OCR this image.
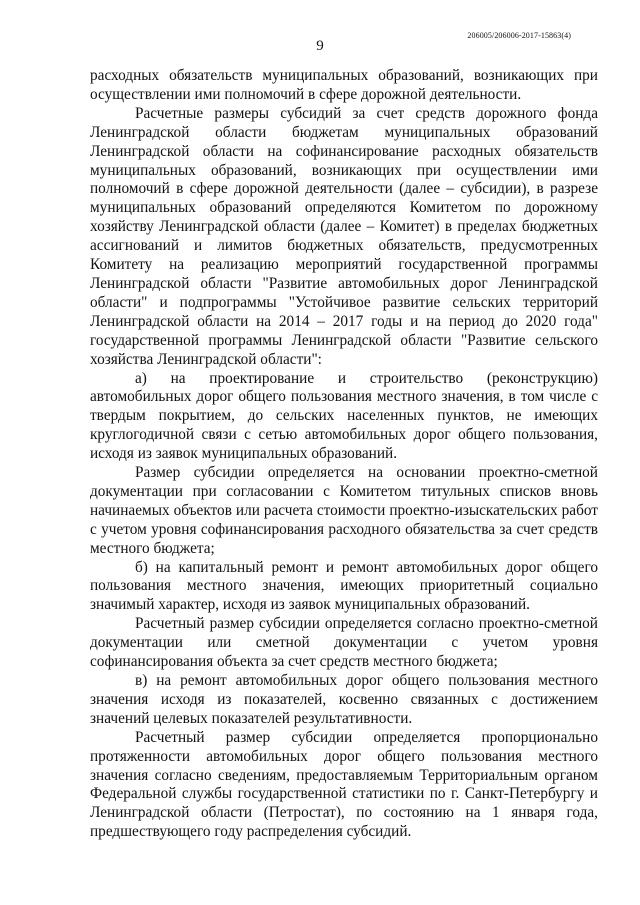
206005/206006-2017-15863(4)
9

расходных обязательств муниципальных образований, возникающих при осуществлении ими полномочий в сфере дорожной деятельности.

Расчетные размеры субсидий за счет средств дорожного фонда Ленинградской области бюджетам муниципальных образований Ленинградской области на софинансирование расходных обязательств муниципальных образований, возникающих при осуществлении ими полномочий в сфере дорожной деятельности (далее – субсидии), в разрезе муниципальных образований определяются Комитетом по дорожному хозяйству Ленинградской области (далее – Комитет) в пределах бюджетных ассигнований и лимитов бюджетных обязательств, предусмотренных Комитету на реализацию мероприятий государственной программы Ленинградской области "Развитие автомобильных дорог Ленинградской области" и подпрограммы "Устойчивое развитие сельских территорий Ленинградской области на 2014 – 2017 годы и на период до 2020 года" государственной программы Ленинградской области "Развитие сельского хозяйства Ленинградской области":

а) на проектирование и строительство (реконструкцию) автомобильных дорог общего пользования местного значения, в том числе с твердым покрытием, до сельских населенных пунктов, не имеющих круглогодичной связи с сетью автомобильных дорог общего пользования, исходя из заявок муниципальных образований.

Размер субсидии определяется на основании проектно-сметной документации при согласовании с Комитетом титульных списков вновь начинаемых объектов или расчета стоимости проектно-изыскательских работ с учетом уровня софинансирования расходного обязательства за счет средств местного бюджета;

б) на капитальный ремонт и ремонт автомобильных дорог общего пользования местного значения, имеющих приоритетный социально значимый характер, исходя из заявок муниципальных образований.

Расчетный размер субсидии определяется согласно проектно-сметной документации или сметной документации с учетом уровня софинансирования объекта за счет средств местного бюджета;

в) на ремонт автомобильных дорог общего пользования местного значения исходя из показателей, косвенно связанных с достижением значений целевых показателей результативности.

Расчетный размер субсидии определяется пропорционально протяженности автомобильных дорог общего пользования местного значения согласно сведениям, предоставляемым Территориальным органом Федеральной службы государственной статистики по г. Санкт-Петербургу и Ленинградской области (Петростат), по состоянию на 1 января года, предшествующего году распределения субсидий.
